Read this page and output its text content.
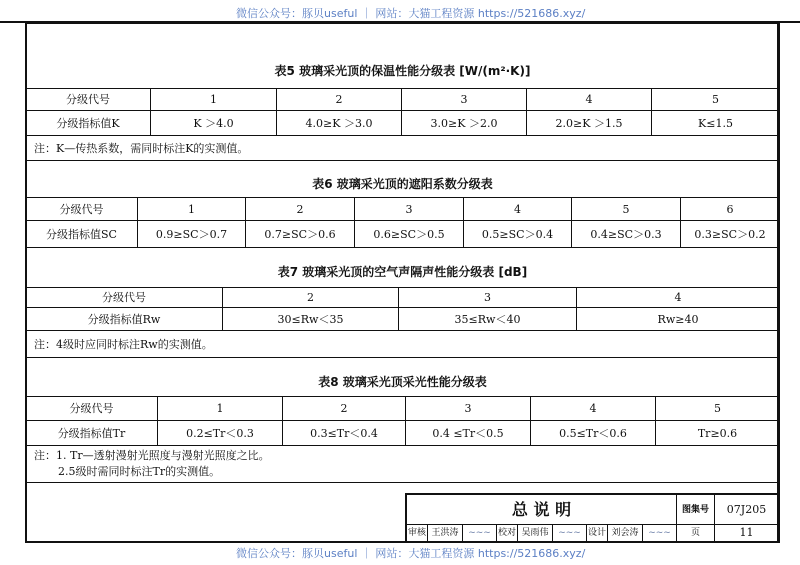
微信公众号：豚贝useful ｜ 网站：大猫工程资源 https://521686.xyz/
表5 玻璃采光顶的保温性能分级表 [W/(m²·K)]
分级代号	1	2	3	4	5
分级指标值K	K ＞4.0	4.0≥K ＞3.0	3.0≥K ＞2.0	2.0≥K ＞1.5	K≤1.5
注：K—传热系数，需同时标注K的实测值。					
表6 玻璃采光顶的遮阳系数分级表
分级代号	1	2	3	4	5	6
分级指标值SC	0.9≥SC＞0.7	0.7≥SC＞0.6	0.6≥SC＞0.5	0.5≥SC＞0.4	0.4≥SC＞0.3	0.3≥SC＞0.2
表7 玻璃采光顶的空气声隔声性能分级表 [dB]
分级代号	2	3	4
分级指标值Rw	30≤Rw＜35	35≤Rw＜40	Rw≥40
注：4级时应同时标注Rw的实测值。			
表8 玻璃采光顶采光性能分级表
分级代号	1	2	3	4	5
分级指标值Tr	0.2≤Tr＜0.3	0.3≤Tr＜0.4	0.4 ≤Tr＜0.5	0.5≤Tr＜0.6	Tr≥0.6

注：1. Tr—透射漫射光照度与漫射光照度之比。
2.5级时需同时标注Tr的实测值。					
总 说 明	图集号	07J205
审核 王洪涛	~~~ 校对 吴雨伟	~~~ 设计 刘会涛	~~~	页	11
微信公众号：豚贝useful ｜ 网站：大猫工程资源 https://521686.xyz/
